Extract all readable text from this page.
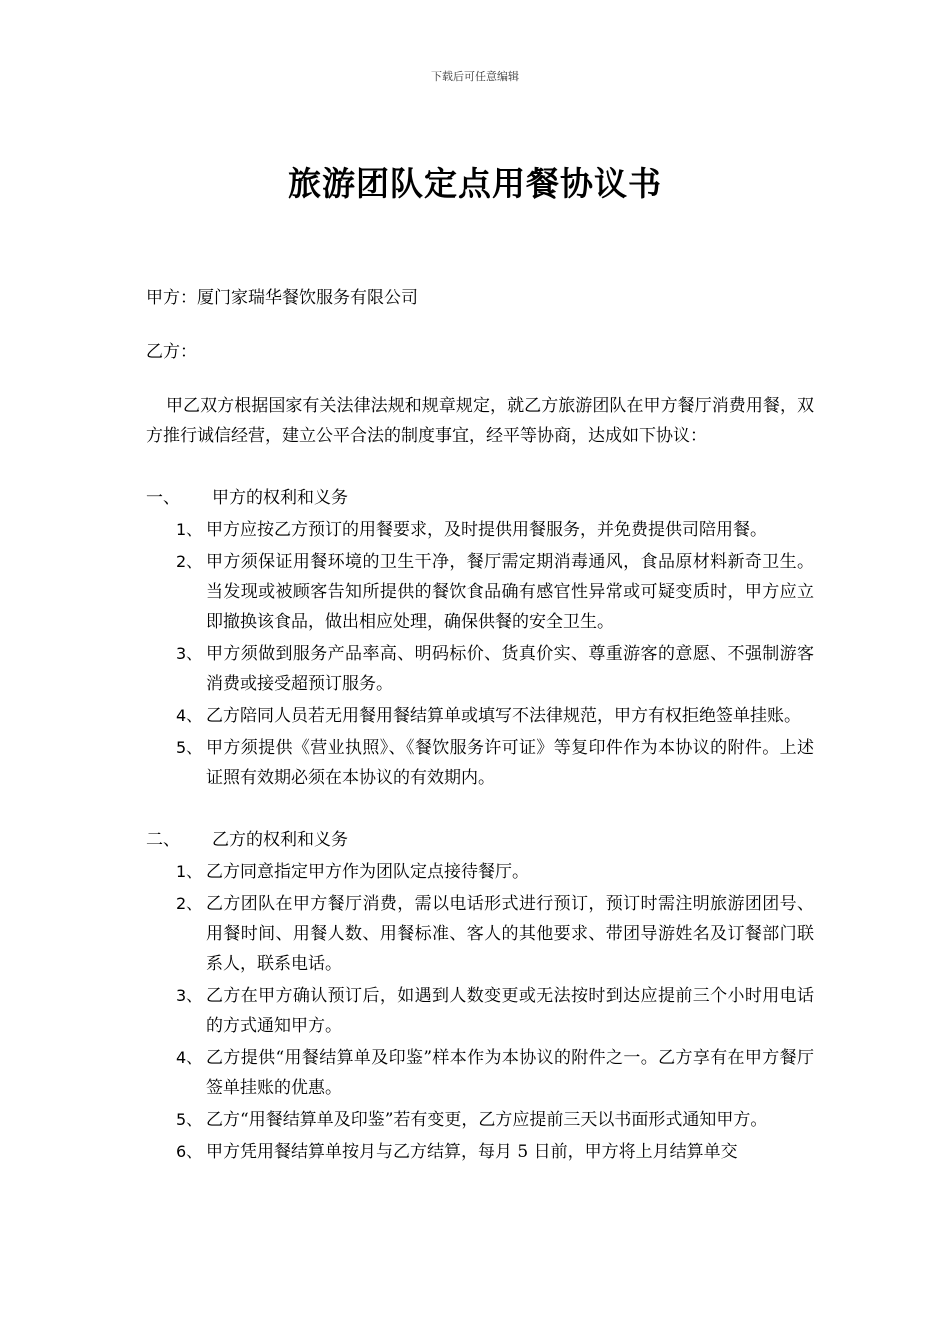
下载后可任意编辑
旅游团队定点用餐协议书

甲方：厦门家瑞华餐饮服务有限公司

乙方：

甲乙双方根据国家有关法律法规和规章规定，就乙方旅游团队在甲方餐厅消费用餐，双方推行诚信经营，建立公平合法的制度事宜，经平等协商，达成如下协议：

一、 甲方的权利和义务
1、 甲方应按乙方预订的用餐要求，及时提供用餐服务，并免费提供司陪用餐。
2、 甲方须保证用餐环境的卫生干净，餐厅需定期消毒通风，食品原材料新奇卫生。当发现或被顾客告知所提供的餐饮食品确有感官性异常或可疑变质时，甲方应立即撤换该食品，做出相应处理，确保供餐的安全卫生。
3、 甲方须做到服务产品率高、明码标价、货真价实、尊重游客的意愿、不强制游客消费或接受超预订服务。
4、 乙方陪同人员若无用餐用餐结算单或填写不法律规范，甲方有权拒绝签单挂账。
5、 甲方须提供《营业执照》、《餐饮服务许可证》等复印件作为本协议的附件。上述证照有效期必须在本协议的有效期内。
二、 乙方的权利和义务
1、 乙方同意指定甲方作为团队定点接待餐厅。
2、 乙方团队在甲方餐厅消费，需以电话形式进行预订，预订时需注明旅游团团号、用餐时间、用餐人数、用餐标准、客人的其他要求、带团导游姓名及订餐部门联系人，联系电话。
3、 乙方在甲方确认预订后，如遇到人数变更或无法按时到达应提前三个小时用电话的方式通知甲方。
4、 乙方提供“用餐结算单及印鉴”样本作为本协议的附件之一。乙方享有在甲方餐厅签单挂账的优惠。
5、 乙方“用餐结算单及印鉴”若有变更，乙方应提前三天以书面形式通知甲方。
6、 甲方凭用餐结算单按月与乙方结算，每月 5 日前，甲方将上月结算单交
